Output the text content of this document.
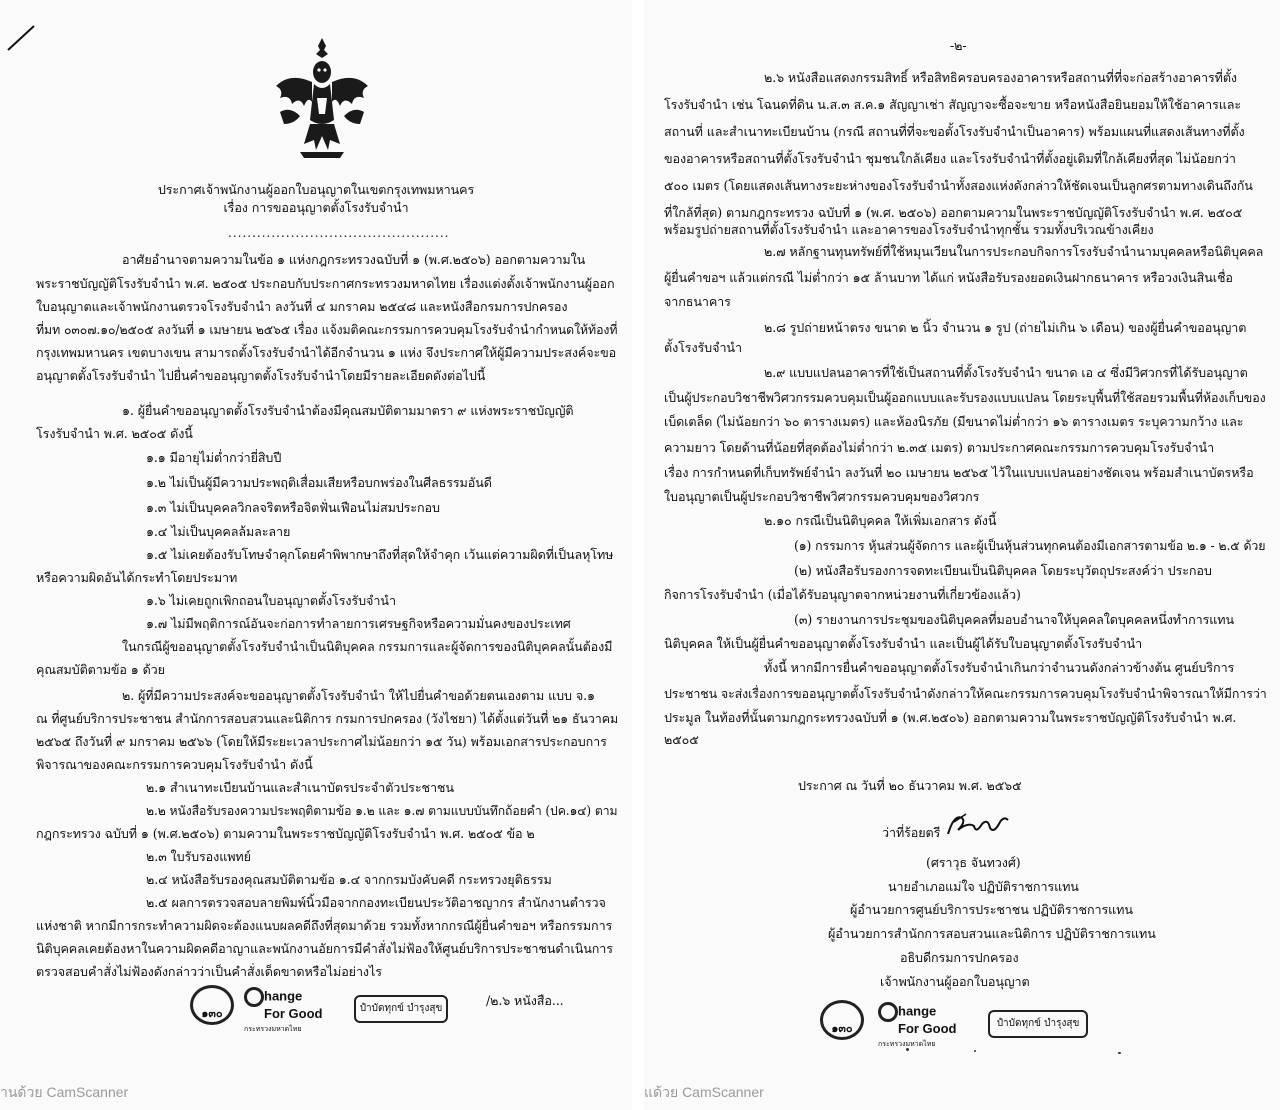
ประกาศเจ้าพนักงานผู้ออกใบอนุญาตในเขตกรุงเทพมหานคร
เรื่อง การขออนุญาตตั้งโรงรับจำนำ
..............................................
อาศัยอำนาจตามความในข้อ ๑ แห่งกฎกระทรวงฉบับที่ ๑ (พ.ศ.๒๕๐๖) ออกตามความใน
พระราชบัญญัติโรงรับจำนำ พ.ศ. ๒๕๐๕ ประกอบกับประกาศกระทรวงมหาดไทย เรื่องแต่งตั้งเจ้าพนักงานผู้ออก
ใบอนุญาตและเจ้าพนักงานตรวจโรงรับจำนำ ลงวันที่ ๔ มกราคม ๒๕๔๘ และหนังสือกรมการปกครอง
ที่มท ๐๓๐๗.๑๐/๒๕๐๕ ลงวันที่ ๑ เมษายน ๒๕๖๕ เรื่อง แจ้งมติคณะกรรมการควบคุมโรงรับจำนำกำหนดให้ท้องที่
กรุงเทพมหานคร เขตบางเขน สามารถตั้งโรงรับจำนำได้อีกจำนวน ๑ แห่ง จึงประกาศให้ผู้มีความประสงค์จะขอ
อนุญาตตั้งโรงรับจำนำ ไปยื่นคำขออนุญาตตั้งโรงรับจำนำโดยมีรายละเอียดดังต่อไปนี้
๑. ผู้ยื่นคำขออนุญาตตั้งโรงรับจำนำต้องมีคุณสมบัติตามมาตรา ๙ แห่งพระราชบัญญัติ
โรงรับจำนำ พ.ศ. ๒๕๐๕ ดังนี้
๑.๑ มีอายุไม่ต่ำกว่ายี่สิบปี
๑.๒ ไม่เป็นผู้มีความประพฤติเสื่อมเสียหรือบกพร่องในศีลธรรมอันดี
๑.๓ ไม่เป็นบุคคลวิกลจริตหรือจิตฟั่นเฟือนไม่สมประกอบ
๑.๔ ไม่เป็นบุคคลล้มละลาย
๑.๕ ไม่เคยต้องรับโทษจำคุกโดยคำพิพากษาถึงที่สุดให้จำคุก เว้นแต่ความผิดที่เป็นลหุโทษ
หรือความผิดอันได้กระทำโดยประมาท
๑.๖ ไม่เคยถูกเพิกถอนใบอนุญาตตั้งโรงรับจำนำ
๑.๗ ไม่มีพฤติการณ์อันจะก่อการทำลายการเศรษฐกิจหรือความมั่นคงของประเทศ
ในกรณีผู้ขออนุญาตตั้งโรงรับจำนำเป็นนิติบุคคล กรรมการและผู้จัดการของนิติบุคคลนั้นต้องมี
คุณสมบัติตามข้อ ๑ ด้วย
๒. ผู้ที่มีความประสงค์จะขออนุญาตตั้งโรงรับจำนำ ให้ไปยื่นคำขอด้วยตนเองตาม แบบ จ.๑
ณ ที่ศูนย์บริการประชาชน สำนักการสอบสวนและนิติการ กรมการปกครอง (วังไชยา) ได้ตั้งแต่วันที่ ๒๑ ธันวาคม
๒๕๖๕ ถึงวันที่ ๙ มกราคม ๒๕๖๖ (โดยให้มีระยะเวลาประกาศไม่น้อยกว่า ๑๕ วัน) พร้อมเอกสารประกอบการ
พิจารณาของคณะกรรมการควบคุมโรงรับจำนำ ดังนี้
๒.๑ สำเนาทะเบียนบ้านและสำเนาบัตรประจำตัวประชาชน
๒.๒ หนังสือรับรองความประพฤติตามข้อ ๑.๒ และ ๑.๗ ตามแบบบันทึกถ้อยคำ (ปค.๑๔) ตาม
กฎกระทรวง ฉบับที่ ๑ (พ.ศ.๒๕๐๖) ตามความในพระราชบัญญัติโรงรับจำนำ พ.ศ. ๒๕๐๕ ข้อ ๒
๒.๓ ใบรับรองแพทย์
๒.๔ หนังสือรับรองคุณสมบัติตามข้อ ๑.๔ จากกรมบังคับคดี กระทรวงยุติธรรม
๒.๕ ผลการตรวจสอบลายพิมพ์นิ้วมือจากกองทะเบียนประวัติอาชญากร สำนักงานตำรวจ
แห่งชาติ หากมีการกระทำความผิดจะต้องแนบผลคดีถึงที่สุดมาด้วย รวมทั้งหากกรณีผู้ยื่นคำขอฯ หรือกรรมการ
นิติบุคคลเคยต้องหาในความผิดคดีอาญาและพนักงานอัยการมีคำสั่งไม่ฟ้องให้ศูนย์บริการประชาชนดำเนินการ
ตรวจสอบคำสั่งไม่ฟ้องดังกล่าวว่าเป็นคำสั่งเด็ดขาดหรือไม่อย่างไร
๑๓๐
hange
For Good
กระทรวงมหาดไทย
ปำบัดทุกข์ บำรุงสุข
/๒.๖ หนังสือ...
านด้วย CamScanner
-๒-
๒.๖ หนังสือแสดงกรรมสิทธิ์ หรือสิทธิครอบครองอาคารหรือสถานที่ที่จะก่อสร้างอาคารที่ตั้ง
โรงรับจำนำ เช่น โฉนดที่ดิน น.ส.๓ ส.ค.๑ สัญญาเช่า สัญญาจะซื้อจะขาย หรือหนังสือยินยอมให้ใช้อาคารและ
สถานที่ และสำเนาทะเบียนบ้าน (กรณี สถานที่ที่จะขอตั้งโรงรับจำนำเป็นอาคาร) พร้อมแผนที่แสดงเส้นทางที่ตั้ง
ของอาคารหรือสถานที่ตั้งโรงรับจำนำ ชุมชนใกล้เคียง และโรงรับจำนำที่ตั้งอยู่เดิมที่ใกล้เคียงที่สุด ไม่น้อยกว่า
๕๐๐ เมตร (โดยแสดงเส้นทางระยะห่างของโรงรับจำนำทั้งสองแห่งดังกล่าวให้ชัดเจนเป็นลูกศรตามทางเดินถึงกัน
ที่ใกล้ที่สุด) ตามกฎกระทรวง ฉบับที่ ๑ (พ.ศ. ๒๕๐๖) ออกตามความในพระราชบัญญัติโรงรับจำนำ พ.ศ. ๒๕๐๕
พร้อมรูปถ่ายสถานที่ตั้งโรงรับจำนำ และอาคารของโรงรับจำนำทุกชั้น รวมทั้งบริเวณข้างเคียง
๒.๗ หลักฐานทุนทรัพย์ที่ใช้หมุนเวียนในการประกอบกิจการโรงรับจำนำนามบุคคลหรือนิติบุคคล
ผู้ยื่นคำขอฯ แล้วแต่กรณี ไม่ต่ำกว่า ๑๕ ล้านบาท ได้แก่ หนังสือรับรองยอดเงินฝากธนาคาร หรือวงเงินสินเชื่อ
จากธนาคาร
๒.๘ รูปถ่ายหน้าตรง ขนาด ๒ นิ้ว จำนวน ๑ รูป (ถ่ายไม่เกิน ๖ เดือน) ของผู้ยื่นคำขออนุญาต
ตั้งโรงรับจำนำ
๒.๙ แบบแปลนอาคารที่ใช้เป็นสถานที่ตั้งโรงรับจำนำ ขนาด เอ ๔ ซึ่งมีวิศวกรที่ได้รับอนุญาต
เป็นผู้ประกอบวิชาชีพวิศวกรรมควบคุมเป็นผู้ออกแบบและรับรองแบบแปลน โดยระบุพื้นที่ใช้สอยรวมพื้นที่ห้องเก็บของ
เบ็ดเตล็ด (ไม่น้อยกว่า ๖๐ ตารางเมตร) และห้องนิรภัย (มีขนาดไม่ต่ำกว่า ๑๖ ตารางเมตร ระบุความกว้าง และ
ความยาว โดยด้านที่น้อยที่สุดต้องไม่ต่ำกว่า ๒.๓๕ เมตร) ตามประกาศคณะกรรมการควบคุมโรงรับจำนำ
เรื่อง การกำหนดที่เก็บทรัพย์จำนำ ลงวันที่ ๒๐ เมษายน ๒๕๖๕ ไว้ในแบบแปลนอย่างชัดเจน พร้อมสำเนาบัตรหรือ
ใบอนุญาตเป็นผู้ประกอบวิชาชีพวิศวกรรมควบคุมของวิศวกร
๒.๑๐ กรณีเป็นนิติบุคคล ให้เพิ่มเอกสาร ดังนี้
(๑) กรรมการ หุ้นส่วนผู้จัดการ และผู้เป็นหุ้นส่วนทุกคนต้องมีเอกสารตามข้อ ๒.๑ - ๒.๕ ด้วย
(๒) หนังสือรับรองการจดทะเบียนเป็นนิติบุคคล โดยระบุวัตถุประสงค์ว่า ประกอบ
กิจการโรงรับจำนำ (เมื่อได้รับอนุญาตจากหน่วยงานที่เกี่ยวข้องแล้ว)
(๓) รายงานการประชุมของนิติบุคคลที่มอบอำนาจให้บุคคลใดบุคคลหนึ่งทำการแทน
นิติบุคคล ให้เป็นผู้ยื่นคำขออนุญาตตั้งโรงรับจำนำ และเป็นผู้ได้รับใบอนุญาตตั้งโรงรับจำนำ
ทั้งนี้ หากมีการยื่นคำขออนุญาตตั้งโรงรับจำนำเกินกว่าจำนวนดังกล่าวข้างต้น ศูนย์บริการ
ประชาชน จะส่งเรื่องการขออนุญาตตั้งโรงรับจำนำดังกล่าวให้คณะกรรมการควบคุมโรงรับจำนำพิจารณาให้มีการว่า
ประมูล ในท้องที่นั้นตามกฎกระทรวงฉบับที่ ๑ (พ.ศ.๒๕๐๖) ออกตามความในพระราชบัญญัติโรงรับจำนำ พ.ศ.
๒๕๐๕
ประกาศ ณ วันที่ ๒๐ ธันวาคม พ.ศ. ๒๕๖๕
ว่าที่ร้อยตรี
(ศราวุธ จันทวงศ์)
นายอำเภอแม่ใจ ปฏิบัติราชการแทน
ผู้อำนวยการศูนย์บริการประชาชน ปฏิบัติราชการแทน
ผู้อำนวยการสำนักการสอบสวนและนิติการ ปฏิบัติราชการแทน
อธิบดีกรมการปกครอง
เจ้าพนักงานผู้ออกใบอนุญาต
๑๓๐
hange
For Good
กระทรวงมหาดไทย
ปำบัดทุกข์ บำรุงสุข
แด้วย CamScanner
